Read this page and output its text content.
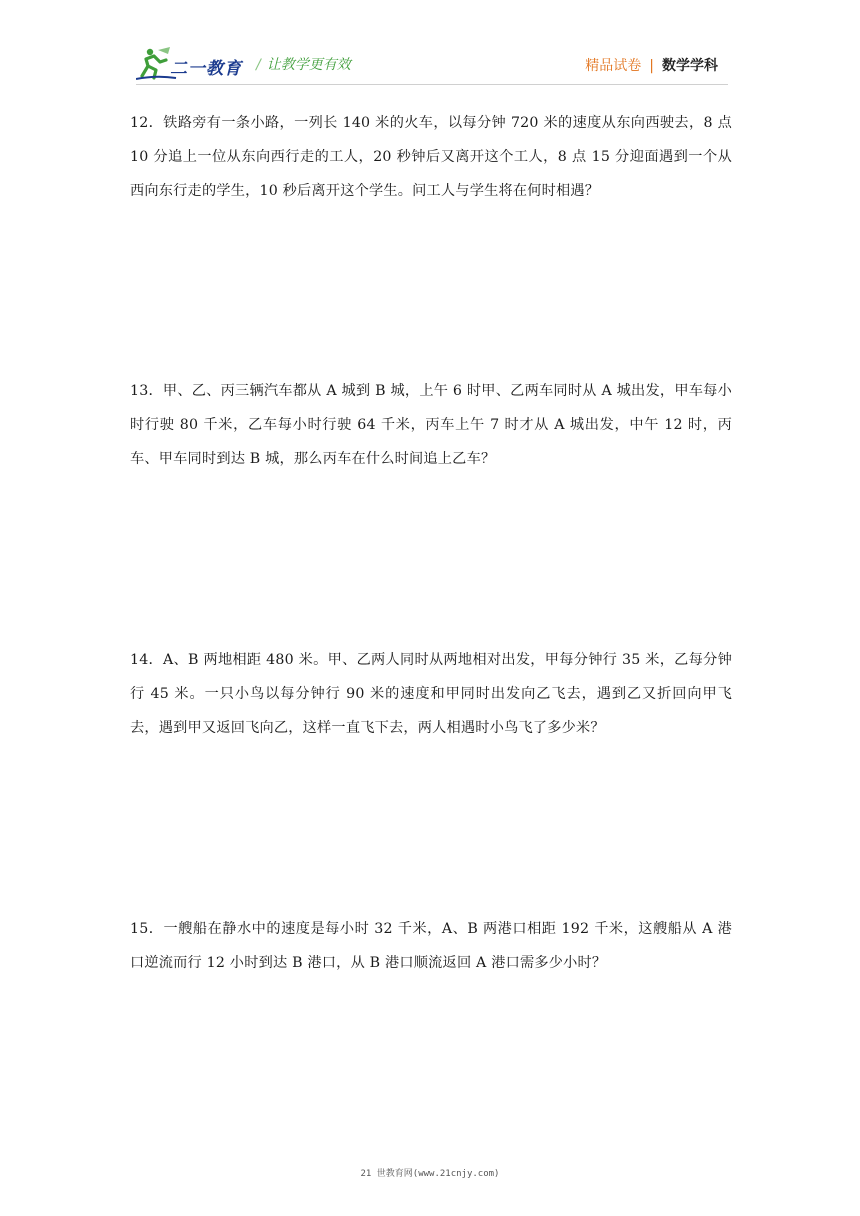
二一教育 / 让教学更有效	精品试卷 | 数学学科
12．铁路旁有一条小路，一列长 140 米的火车，以每分钟 720 米的速度从东向西驶去，8 点 10 分追上一位从东向西行走的工人，20 秒钟后又离开这个工人，8 点 15 分迎面遇到一个从西向东行走的学生，10 秒后离开这个学生。问工人与学生将在何时相遇？
13．甲、乙、丙三辆汽车都从 A 城到 B 城，上午 6 时甲、乙两车同时从 A 城出发，甲车每小时行驶 80 千米，乙车每小时行驶 64 千米，丙车上午 7 时才从 A 城出发，中午 12 时，丙车、甲车同时到达 B 城，那么丙车在什么时间追上乙车？
14．A、B 两地相距 480 米。甲、乙两人同时从两地相对出发，甲每分钟行 35 米，乙每分钟行 45 米。一只小鸟以每分钟行 90 米的速度和甲同时出发向乙飞去，遇到乙又折回向甲飞去，遇到甲又返回飞向乙，这样一直飞下去，两人相遇时小鸟飞了多少米？
15．一艘船在静水中的速度是每小时 32 千米，A、B 两港口相距 192 千米，这艘船从 A 港口逆流而行 12 小时到达 B 港口，从 B 港口顺流返回 A 港口需多少小时？
21 世教育网(www.21cnjy.com)
